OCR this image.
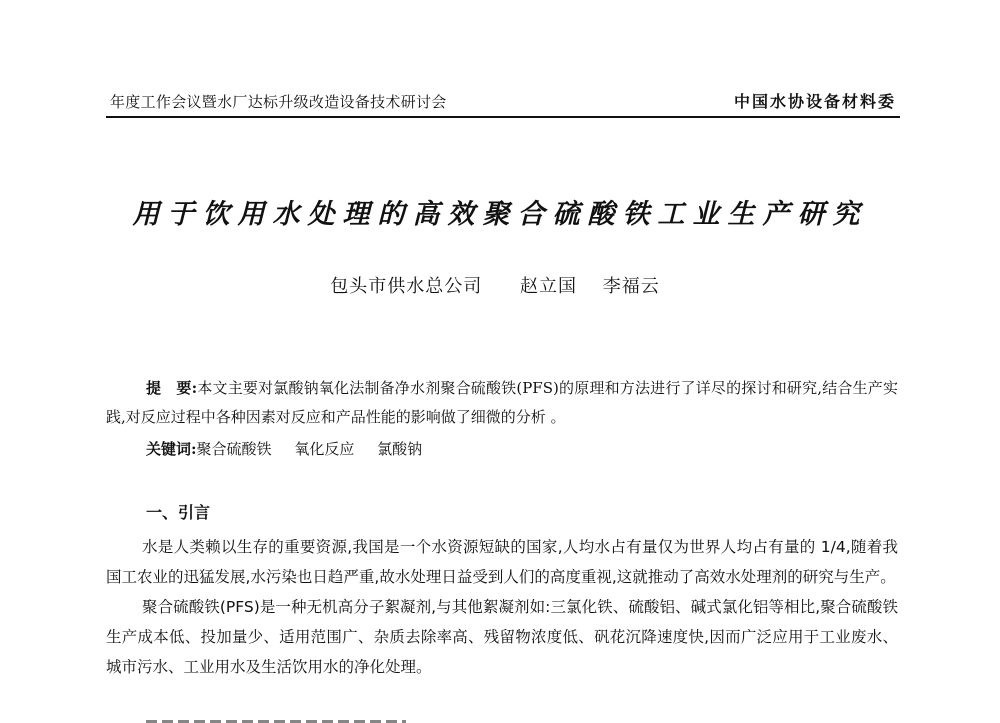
年度工作会议暨水厂达标升级改造设备技术研讨会	中国水协设备材料委
用于饮用水处理的高效聚合硫酸铁工业生产研究
包头市供水总公司 赵立国 李福云
提　要:本文主要对氯酸钠氧化法制备净水剂聚合硫酸铁(PFS)的原理和方法进行了详尽的探讨和研究,结合生产实践,对反应过程中各种因素对反应和产品性能的影响做了细微的分析 。
关键词:聚合硫酸铁 氧化反应 氯酸钠
一、引言

水是人类赖以生存的重要资源,我国是一个水资源短缺的国家,人均水占有量仅为世界人均占有量的 1/4,随着我国工农业的迅猛发展,水污染也日趋严重,故水处理日益受到人们的高度重视,这就推动了高效水处理剂的研究与生产。

聚合硫酸铁(PFS)是一种无机高分子絮凝剂,与其他絮凝剂如:三氯化铁、硫酸铝、碱式氯化铝等相比,聚合硫酸铁生产成本低、投加量少、适用范围广、杂质去除率高、残留物浓度低、矾花沉降速度快,因而广泛应用于工业废水、城市污水、工业用水及生活饮用水的净化处理。
